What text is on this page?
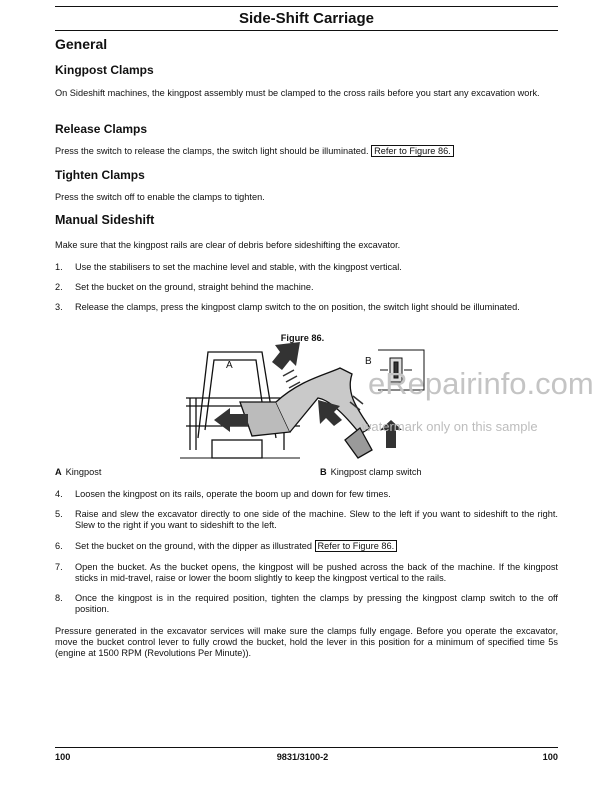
Side-Shift Carriage
General
Kingpost Clamps
On Sideshift machines, the kingpost assembly must be clamped to the cross rails before you start any excavation work.
Release Clamps
Press the switch to release the clamps, the switch light should be illuminated. Refer to Figure 86.
Tighten Clamps
Press the switch off to enable the clamps to tighten.
Manual Sideshift
Make sure that the kingpost rails are clear of debris before sideshifting the excavator.
1. Use the stabilisers to set the machine level and stable, with the kingpost vertical.
2. Set the bucket on the ground, straight behind the machine.
3. Release the clamps, press the kingpost clamp switch to the on position, the switch light should be illuminated.
Figure 86.
A	B
eRepairinfo.com
watermark only on this sample
A Kingpost	B Kingpost clamp switch
4. Loosen the kingpost on its rails, operate the boom up and down for few times.
5. Raise and slew the excavator directly to one side of the machine. Slew to the left if you want to sideshift to the right. Slew to the right if you want to sideshift to the left.
6. Set the bucket on the ground, with the dipper as illustrated Refer to Figure 86.
7. Open the bucket. As the bucket opens, the kingpost will be pushed across the back of the machine. If the kingpost sticks in mid-travel, raise or lower the boom slightly to keep the kingpost vertical to the rails.
8. Once the kingpost is in the required position, tighten the clamps by pressing the kingpost clamp switch to the off position.
Pressure generated in the excavator services will make sure the clamps fully engage. Before you operate the excavator, move the bucket control lever to fully crowd the bucket, hold the lever in this position for a minimum of specified time 5s (engine at 1500 RPM (Revolutions Per Minute)).
100	9831/3100-2	100
